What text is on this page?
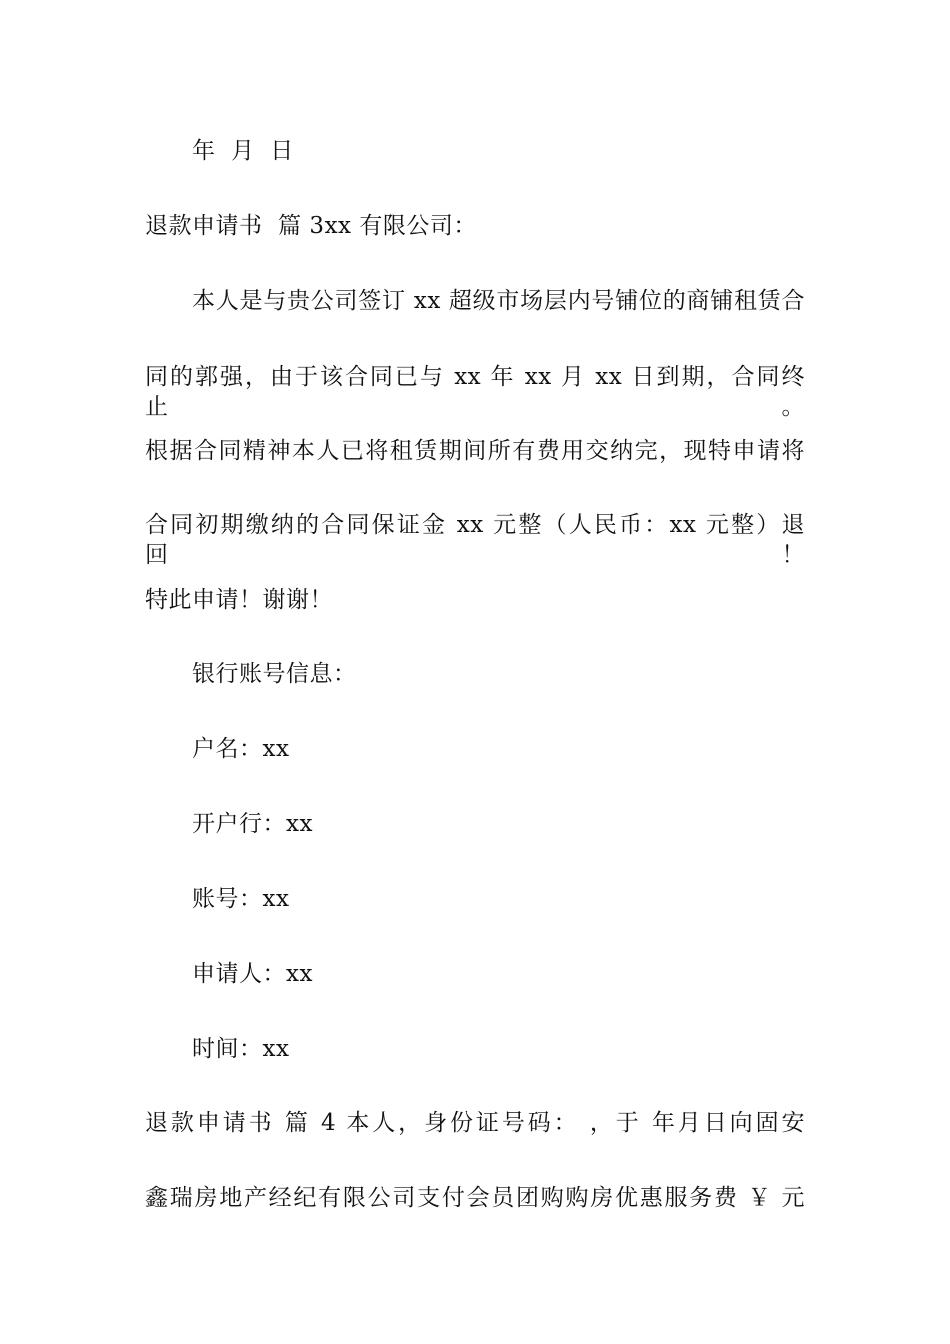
年  月  日
退款申请书  篇 3xx 有限公司：
本人是与贵公司签订 xx 超级市场层内号铺位的商铺租赁合
同的郭强，由于该合同已与 xx 年 xx 月 xx 日到期，合同终止。
根据合同精神本人已将租赁期间所有费用交纳完，现特申请将
合同初期缴纳的合同保证金 xx 元整（人民币：xx 元整）退回！
特此申请！谢谢！
银行账号信息：
户名：xx
开户行：xx
账号：xx
申请人：xx
时间：xx
退款申请书 篇 4 本人，身份证号码： ，于 年月日向固安
鑫瑞房地产经纪有限公司支付会员团购购房优惠服务费 ￥ 元
